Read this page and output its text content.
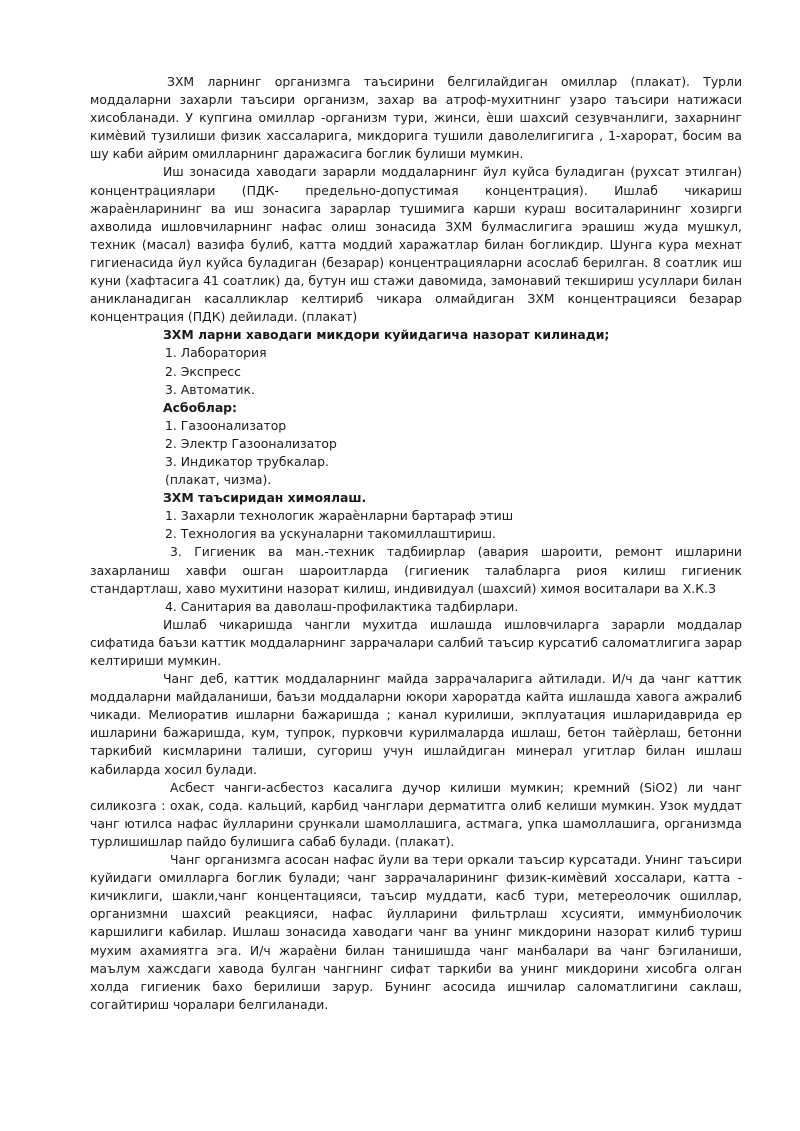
ЗХМ ларнинг организмга таъсирини белгилайдиган омиллар (плакат). Турли моддаларни захарли таъсири организм, захар ва атроф-мухитнинг узаро таъсири натижаси хисобланади. У купгина омиллар -организм тури, жинси, ѐши шахсий сезувчанлиги, захарнинг кимѐвий тузилиши физик хассаларига, микдорига тушили даволелигигига , 1-харорат, босим ва шу каби айрим омилларнинг даражасига боглик булиши мумкин.

Иш зонасида хаводаги зарарли моддаларнинг йул куйса буладиган (рухсат этилган) концентрациялари (ПДК- предельно-допустимая концентрация). Ишлаб чикариш жараѐнларининг ва иш зонасига зарарлар тушимига карши кураш воситаларининг хозирги ахволида ишловчиларнинг нафас олиш зонасида ЗХМ булмаслигига эрашиш жуда мушкул, техник (масал) вазифа булиб, катта моддий харажатлар билан богликдир. Шунга кура мехнат гигиенасида йул куйса буладиган (безарар) концентрацияларни асослаб берилган. 8 соатлик иш куни (хафтасига 41 соатлик) да, бутун иш стажи давомида, замонавий текшириш усуллари билан аникланадиган касалликлар келтириб чикара олмайдиган ЗХМ концентрацияси безарар концентрация (ПДК) дейилади. (плакат)

ЗХМ ларни хаводаги микдори куйидагича назорат килинади;

1. Лаборатория

2. Экспресс

3. Автоматик.

Асбоблар:

1. Газоонализатор

2. Электр Газоонализатор

3. Индикатор трубкалар.

(плакат, чизма).

ЗХМ таъсиридан химоялаш.

1. Захарли технологик жараѐнларни бартараф этиш

2. Технология ва ускуналарни такомиллаштириш.

3. Гигиеник ва ман.-техник тадбиирлар (авария шароити, ремонт ишларини захарланиш хавфи ошган шароитларда (гигиеник талабларга риоя килиш гигиеник стандартлаш, хаво мухитини назорат килиш, индивидуал (шахсий) химоя воситалари ва Х.К.З

4. Санитария ва даволаш-профилактика тадбирлари.

Ишлаб чикаришда чангли мухитда ишлашда ишловчиларга зарарли моддалар сифатида баъзи каттик моддаларнинг заррачалари салбий таъсир курсатиб саломатлигига зарар келтириши мумкин.

Чанг деб, каттик моддаларнинг майда заррачаларига айтилади. И/ч да чанг каттик моддаларни майдаланиши, баъзи моддаларни юкори хароратда кайта ишлашда хавога ажралиб чикади. Мелиоратив ишларни бажаришда ; канал курилиши, экплуатация ишларидавридa ер ишларини бажаришда, кум, тупрок, пурковчи курилмаларда ишлаш, бетон тайѐрлаш, бетонни таркибий кисмларини талиши, сугориш учун ишлайдиган минерал угитлар билан ишлаш кабиларда хосил булади.

Асбест чанги-асбестоз касалига дучор килиши мумкин; кремний (SiO2) ли чанг силикозга : охак, сода. кальций, карбид чанглари дерматитга олиб келиши мумкин. Узок муддат чанг ютилса нафас йулларини срункали шамоллашига, астмага, упка шамоллашига, организмда турлишишлар пайдо булишига сабаб булади. (плакат).

Чанг организмга асосан нафас йули ва тери оркали таъсир курсатади. Унинг таъсири куйидаги омилларга боглик булади; чанг заррачаларининг физик-кимѐвий хоссалари, катта - кичиклиги, шакли,чанг концентацияси, таъсир муддати, касб тури, метереолочик ошиллар, организмни шахсий реакцияси, нафас йулларини фильтрлаш хсусияти, иммунбиолочик каршилиги кабилар. Ишлаш зонасида хаводаги чанг ва унинг микдорини назорат килиб туриш мухим ахамиятга эга. И/ч жараѐни билан танишишда чанг манбалари ва чанг бэгиланиши, маълум хажсдаги хаводa булган чангнинг сифат таркиби ва унинг микдорини хисобга олган холда гигиеник бахо берилиши зарур. Бунинг асосида ишчилар саломатлигини саклаш, согайтириш чоралари белгиланади.
